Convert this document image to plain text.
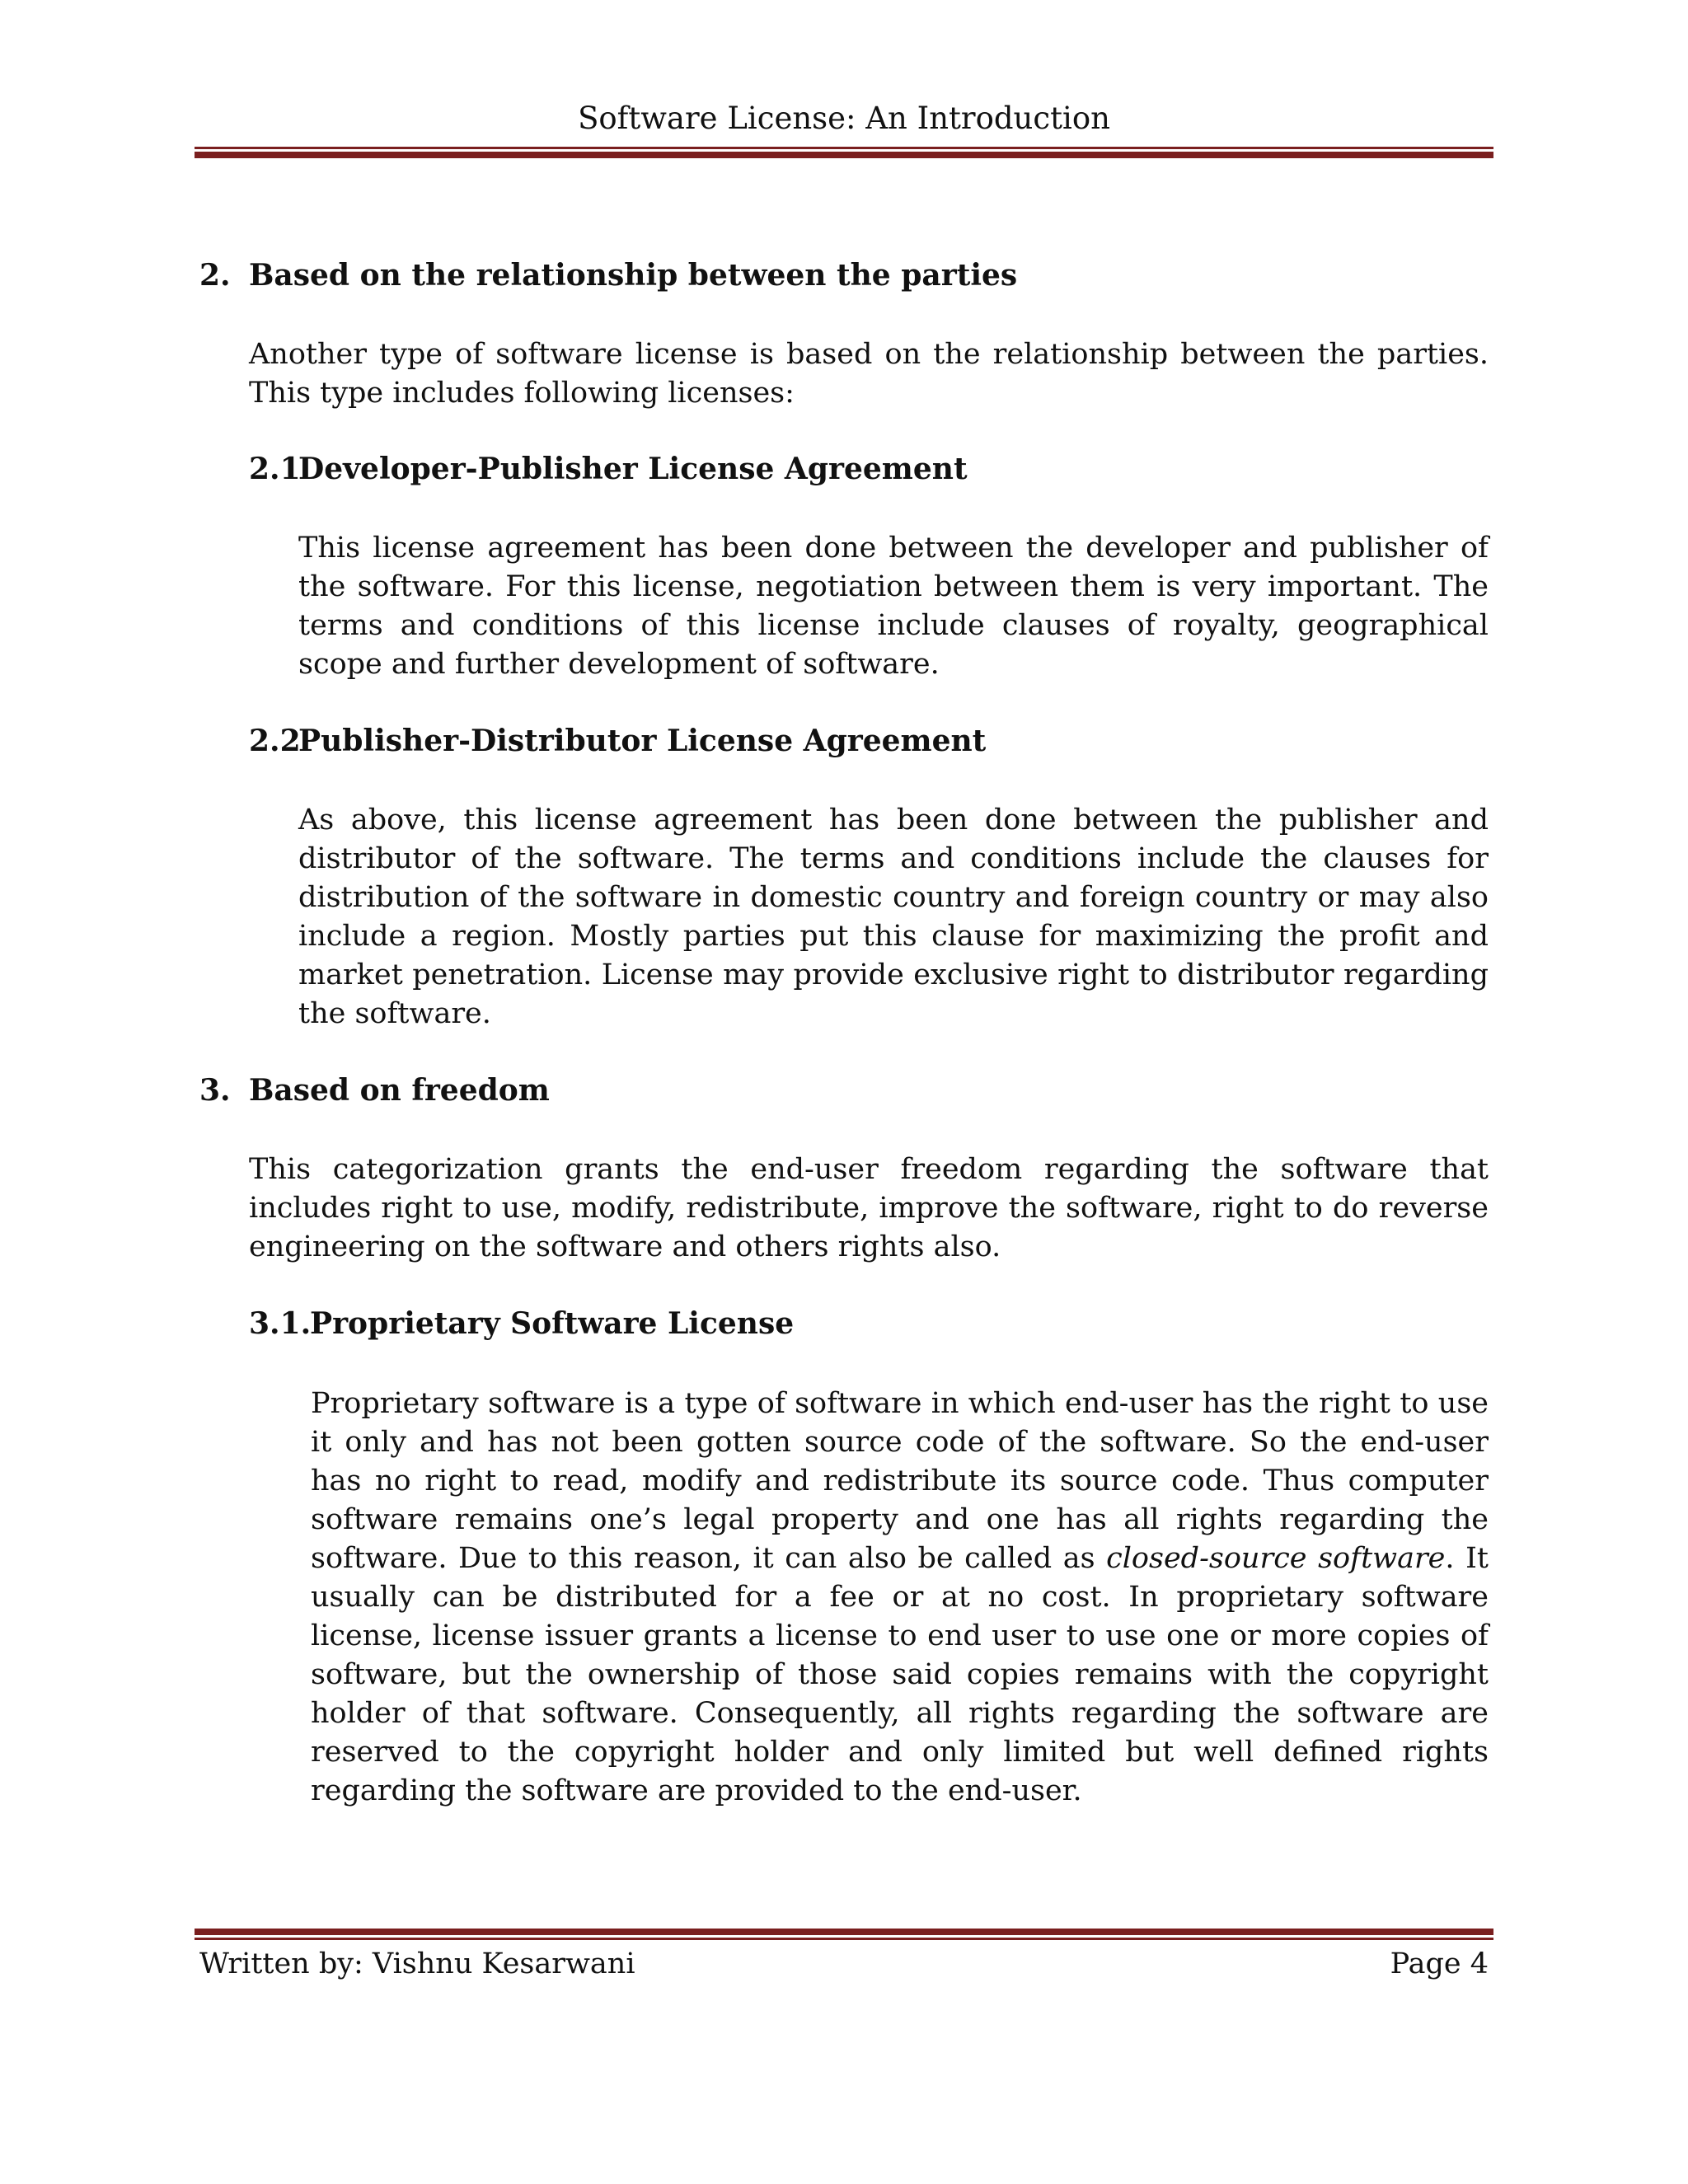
Software License: An Introduction
2. Based on the relationship between the parties

Another type of software license is based on the relationship between the parties. This type includes following licenses:

2.1Developer-Publisher License Agreement

This license agreement has been done between the developer and publisher of the software. For this license, negotiation between them is very important. The terms and conditions of this license include clauses of royalty, geographical scope and further development of software.

2.2Publisher-Distributor License Agreement

As above, this license agreement has been done between the publisher and distributor of the software. The terms and conditions include the clauses for distribution of the software in domestic country and foreign country or may also include a region. Mostly parties put this clause for maximizing the profit and market penetration. License may provide exclusive right to distributor regarding the software.

3. Based on freedom

This categorization grants the end-user freedom regarding the software that includes right to use, modify, redistribute, improve the software, right to do reverse engineering on the software and others rights also.

3.1.Proprietary Software License

Proprietary software is a type of software in which end-user has the right to use it only and has not been gotten source code of the software. So the end-user has no right to read, modify and redistribute its source code. Thus computer software remains one’s legal property and one has all rights regarding the software. Due to this reason, it can also be called as closed-source software. It usually can be distributed for a fee or at no cost. In proprietary software license, license issuer grants a license to end user to use one or more copies of software, but the ownership of those said copies remains with the copyright holder of that software. Consequently, all rights regarding the software are reserved to the copyright holder and only limited but well defined rights regarding the software are provided to the end-user.

Written by: Vishnu Kesarwani	Page 4
